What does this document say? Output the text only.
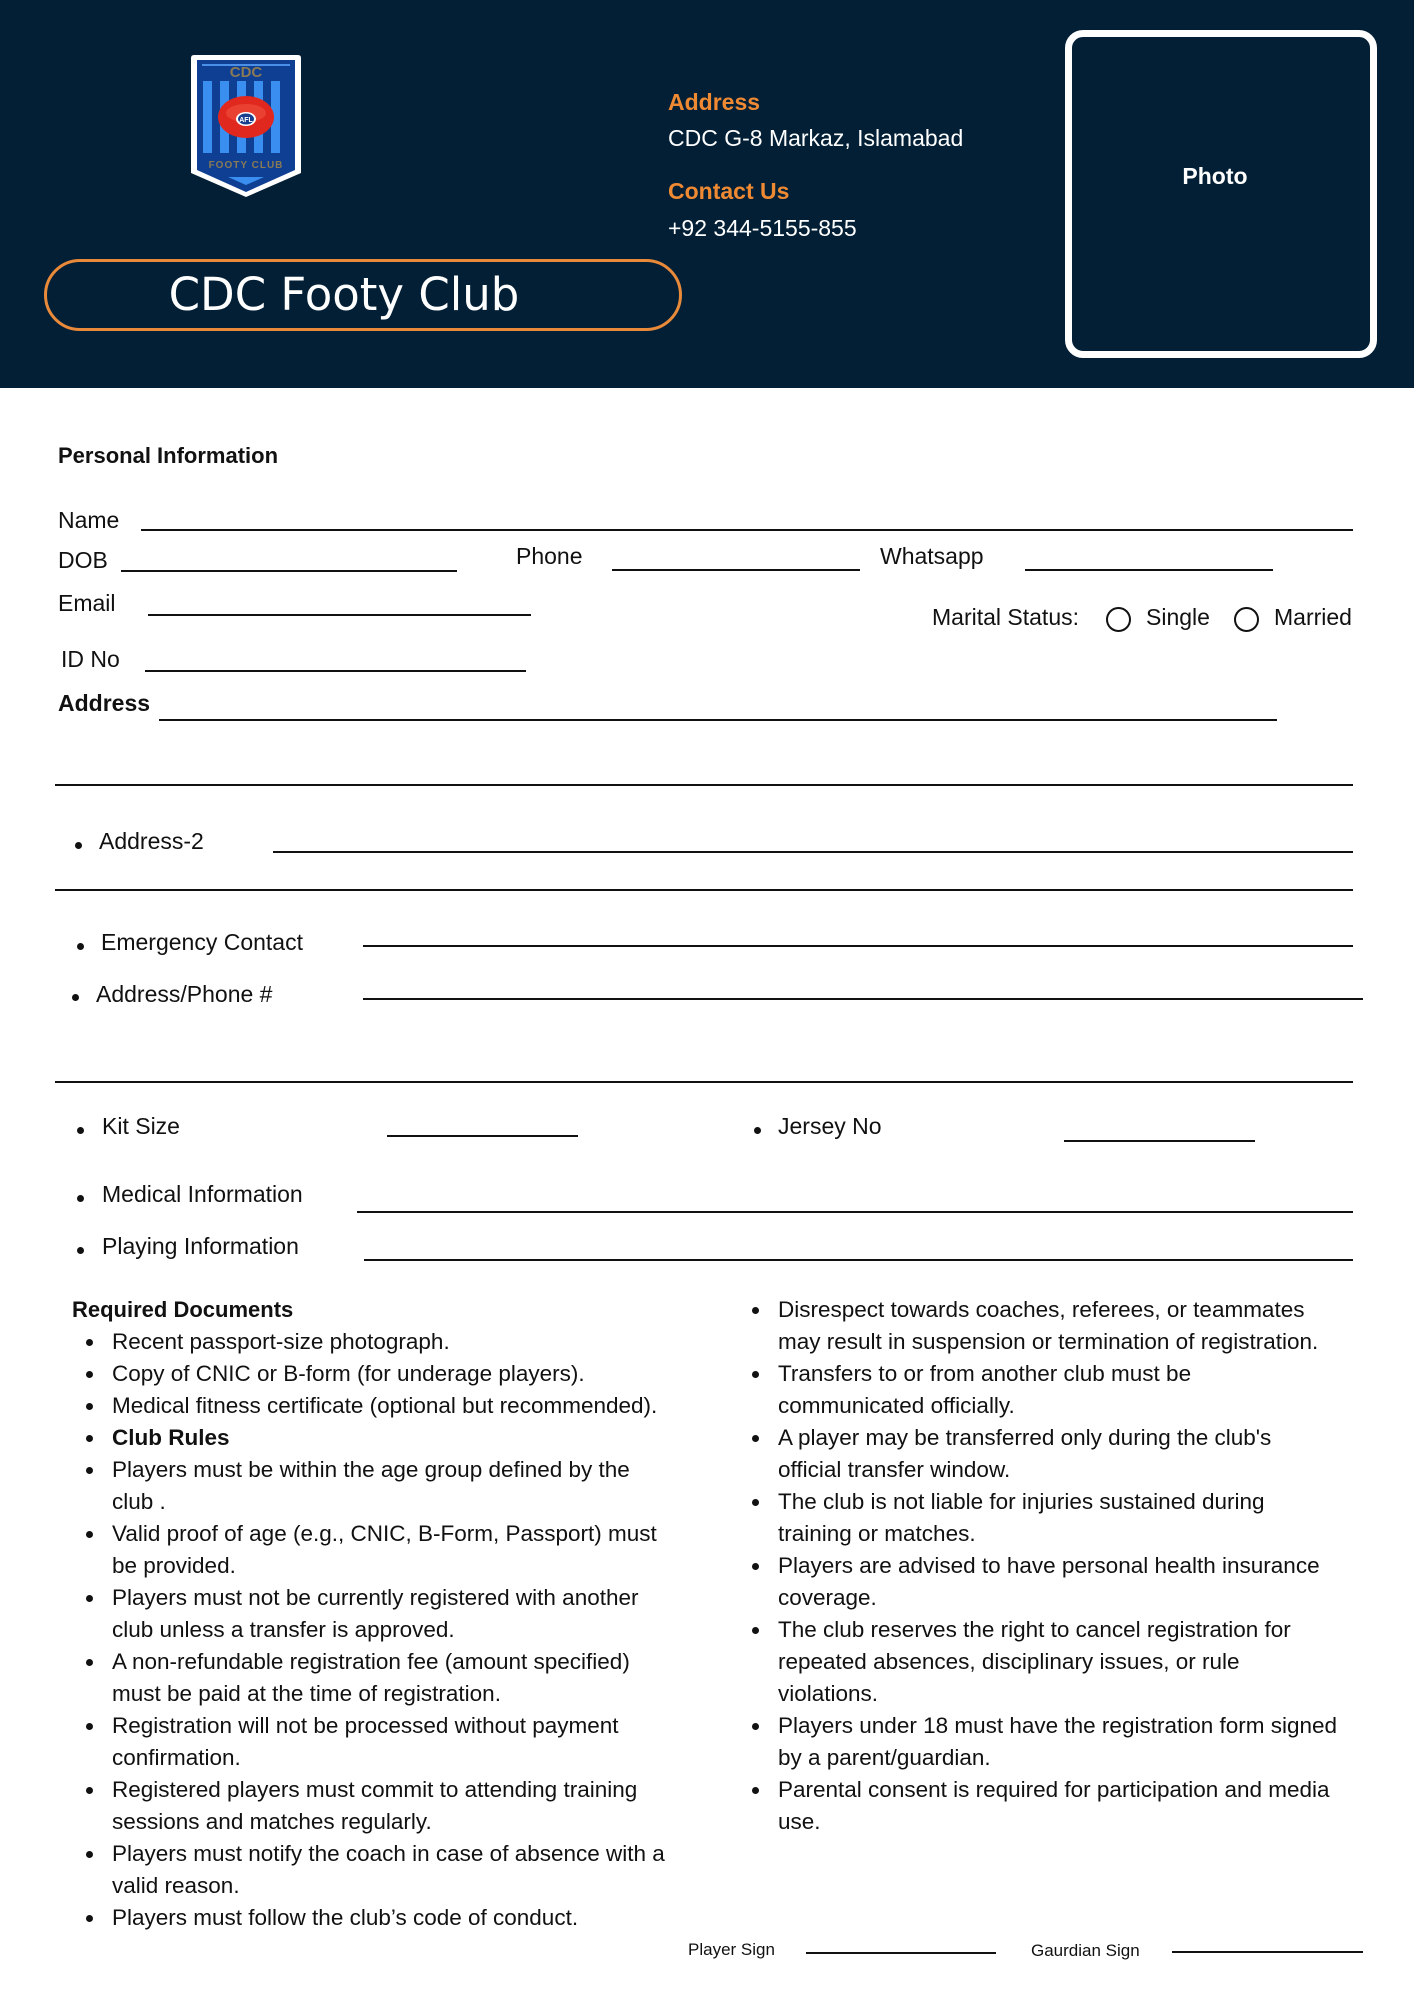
CDC
AFL
FOOTY CLUB
CDC Footy Club
Address
CDC G-8 Markaz, Islamabad
Contact Us
+92 344-5155-855
Photo
Personal Information
Name
DOB	Phone	Whatsapp
Email
Marital Status:	Single	Married
ID No
Address
Address-2
Emergency Contact
Address/Phone #
Kit Size	Jersey No
Medical Information
Playing Information
Required Documents
Recent passport-size photograph.
Copy of CNIC or B-form (for underage players).
Medical fitness certificate (optional but recommended).
Club Rules
Players must be within the age group defined by the club .
Valid proof of age (e.g., CNIC, B-Form, Passport) must be provided.
Players must not be currently registered with another club unless a transfer is approved.
A non-refundable registration fee (amount specified) must be paid at the time of registration.
Registration will not be processed without payment confirmation.
Registered players must commit to attending training sessions and matches regularly.
Players must notify the coach in case of absence with a valid reason.
Players must follow the club’s code of conduct.
Disrespect towards coaches, referees, or teammates may result in suspension or termination of registration.
Transfers to or from another club must be communicated officially.
A player may be transferred only during the club's official transfer window.
The club is not liable for injuries sustained during training or matches.
Players are advised to have personal health insurance coverage.
The club reserves the right to cancel registration for repeated absences, disciplinary issues, or rule violations.
Players under 18 must have the registration form signed by a parent/guardian.
Parental consent is required for participation and media use.
Player Sign	Gaurdian Sign
